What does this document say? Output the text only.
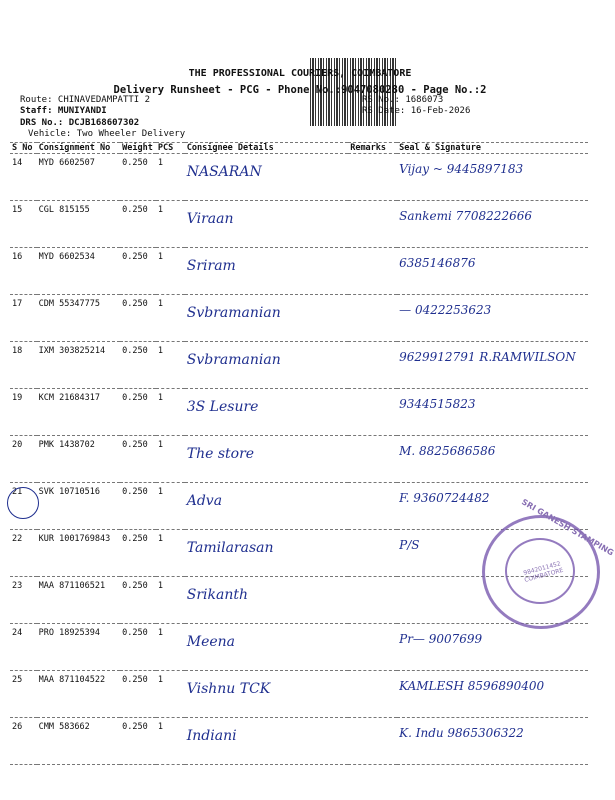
THE PROFESSIONAL COURIERS, COIMBATORE
Delivery Runsheet - PCG - Phone No.:9047080280 - Page No.:2
Route: CHINAVEDAMPATTI 2
Staff: MUNIYANDI
DRS No.: DCJB168607302
Vehicle: Two Wheeler Delivery
RS No.: 1686073
RS Date: 16-Feb-2026
S No	Consignment No	Weight	PCS	Consignee Details	Remarks	Seal & Signature
14	MYD 6602507	0.250	1	NASARAN		Vijay ~ 9445897183
15	CGL 815155	0.250	1	Viraan		Sankemi 7708222666
16	MYD 6602534	0.250	1	Sriram		6385146876
17	CDM 55347775	0.250	1	Svbramanian		— 0422253623
18	IXM 303825214	0.250	1	Svbramanian		9629912791 R.RAMWILSON
19	KCM 21684317	0.250	1	3S Lesure		9344515823
20	PMK 1438702	0.250	1	The store		M. 8825686586
21	SVK 10710516	0.250	1	Adva		F. 9360724482
22	KUR 1001769843	0.250	1	Tamilarasan		P/S
23	MAA 871106521	0.250	1	Srikanth		
24	PRO 18925394	0.250	1	Meena		Pr— 9007699
25	MAA 871104522	0.250	1	Vishnu TCK		KAMLESH 8596890400
26	CMM 583662	0.250	1	Indiani		K. Indu 9865306322
SRI GANESH STAMPING
9842011452 COIMBATORE
